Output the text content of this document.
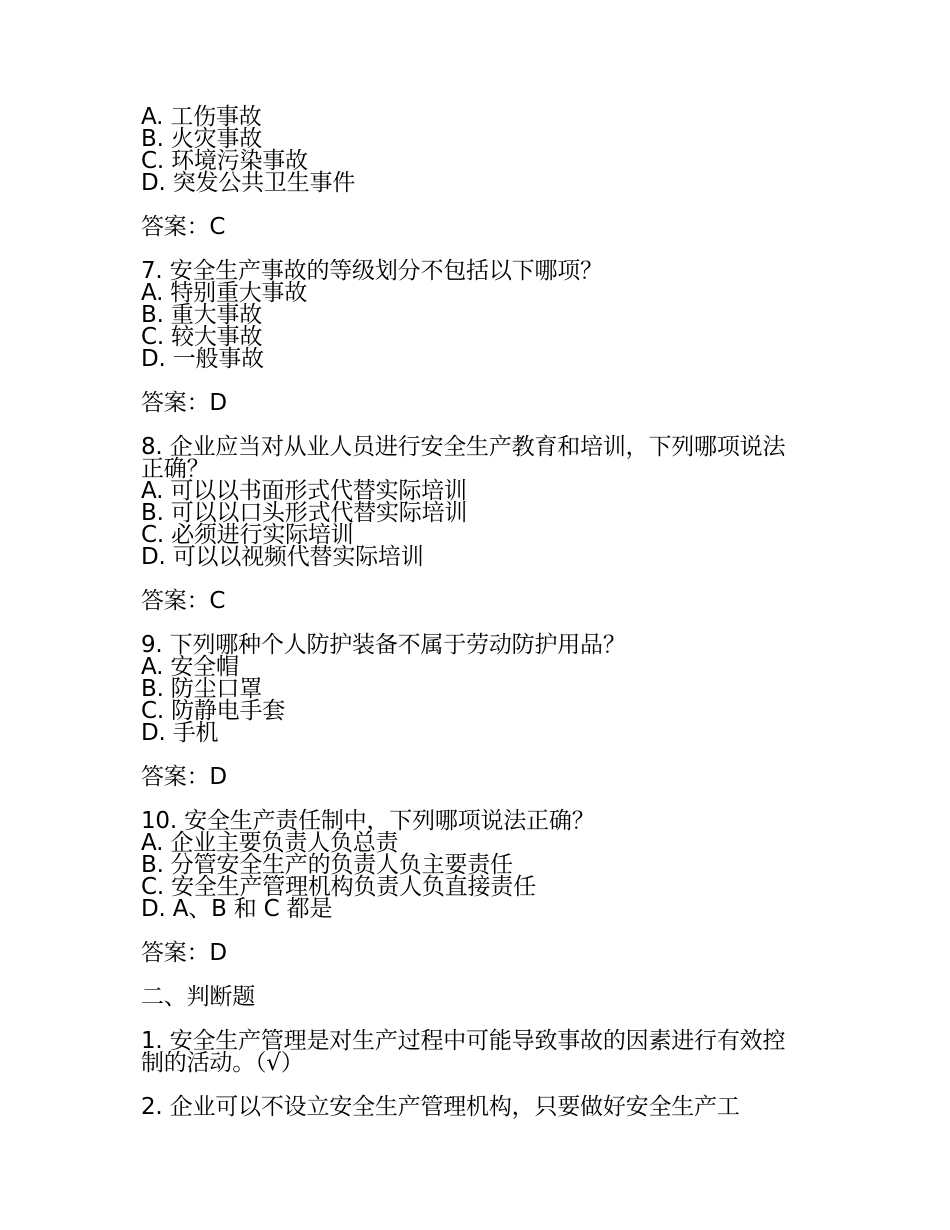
A. 工伤事故
B. 火灾事故
C. 环境污染事故
D. 突发公共卫生事件
答案：C
7. 安全生产事故的等级划分不包括以下哪项？
A. 特别重大事故
B. 重大事故
C. 较大事故
D. 一般事故
答案：D
8. 企业应当对从业人员进行安全生产教育和培训，下列哪项说法正确？
A. 可以以书面形式代替实际培训
B. 可以以口头形式代替实际培训
C. 必须进行实际培训
D. 可以以视频代替实际培训
答案：C
9. 下列哪种个人防护装备不属于劳动防护用品？
A. 安全帽
B. 防尘口罩
C. 防静电手套
D. 手机
答案：D
10. 安全生产责任制中，下列哪项说法正确？
A. 企业主要负责人负总责
B. 分管安全生产的负责人负主要责任
C. 安全生产管理机构负责人负直接责任
D. A、B 和 C 都是
答案：D
二、判断题
1. 安全生产管理是对生产过程中可能导致事故的因素进行有效控制的活动。（√）
2. 企业可以不设立安全生产管理机构，只要做好安全生产工
